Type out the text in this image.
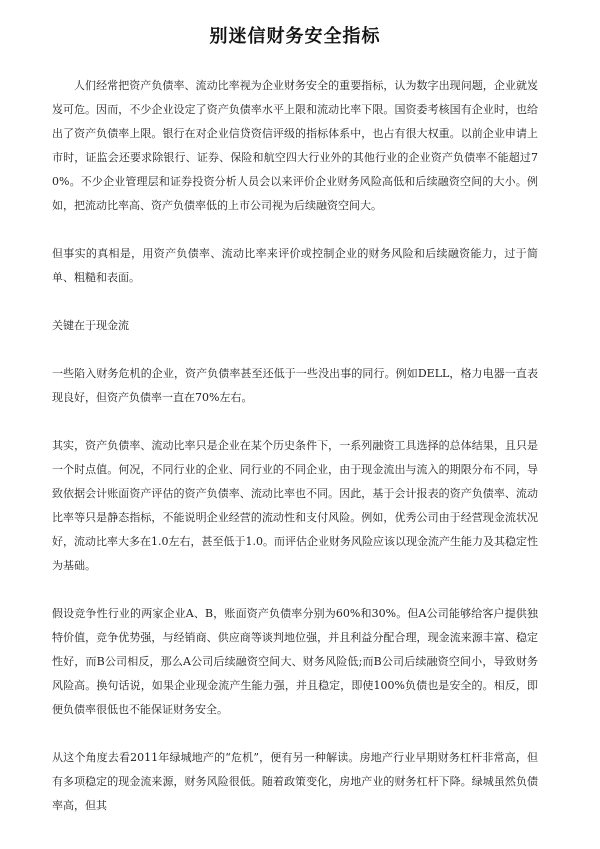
别迷信财务安全指标

人们经常把资产负债率、流动比率视为企业财务安全的重要指标，认为数字出现问题，企业就岌岌可危。因而，不少企业设定了资产负债率水平上限和流动比率下限。国资委考核国有企业时，也给出了资产负债率上限。银行在对企业信贷资信评级的指标体系中，也占有很大权重。以前企业申请上市时，证监会还要求除银行、证券、保险和航空四大行业外的其他行业的企业资产负债率不能超过70%。不少企业管理层和证券投资分析人员会以来评价企业财务风险高低和后续融资空间的大小。例如，把流动比率高、资产负债率低的上市公司视为后续融资空间大。

但事实的真相是，用资产负债率、流动比率来评价或控制企业的财务风险和后续融资能力，过于简单、粗糙和表面。

关键在于现金流

一些陷入财务危机的企业，资产负债率甚至还低于一些没出事的同行。例如DELL，格力电器一直表现良好，但资产负债率一直在70%左右。

其实，资产负债率、流动比率只是企业在某个历史条件下，一系列融资工具选择的总体结果，且只是一个时点值。何况，不同行业的企业、同行业的不同企业，由于现金流出与流入的期限分布不同，导致依据会计账面资产评估的资产负债率、流动比率也不同。因此，基于会计报表的资产负债率、流动比率等只是静态指标，不能说明企业经营的流动性和支付风险。例如，优秀公司由于经营现金流状况好，流动比率大多在1.0左右，甚至低于1.0。而评估企业财务风险应该以现金流产生能力及其稳定性为基础。

假设竞争性行业的两家企业A、B，账面资产负债率分别为60%和30%。但A公司能够给客户提供独特价值，竞争优势强，与经销商、供应商等谈判地位强，并且利益分配合理，现金流来源丰富、稳定性好，而B公司相反，那么A公司后续融资空间大、财务风险低;而B公司后续融资空间小，导致财务风险高。换句话说，如果企业现金流产生能力强，并且稳定，即使100%负债也是安全的。相反，即便负债率很低也不能保证财务安全。

从这个角度去看2011年绿城地产的“危机”，便有另一种解读。房地产行业早期财务杠杆非常高，但有多项稳定的现金流来源，财务风险很低。随着政策变化，房地产业的财务杠杆下降。绿城虽然负债率高，但其
